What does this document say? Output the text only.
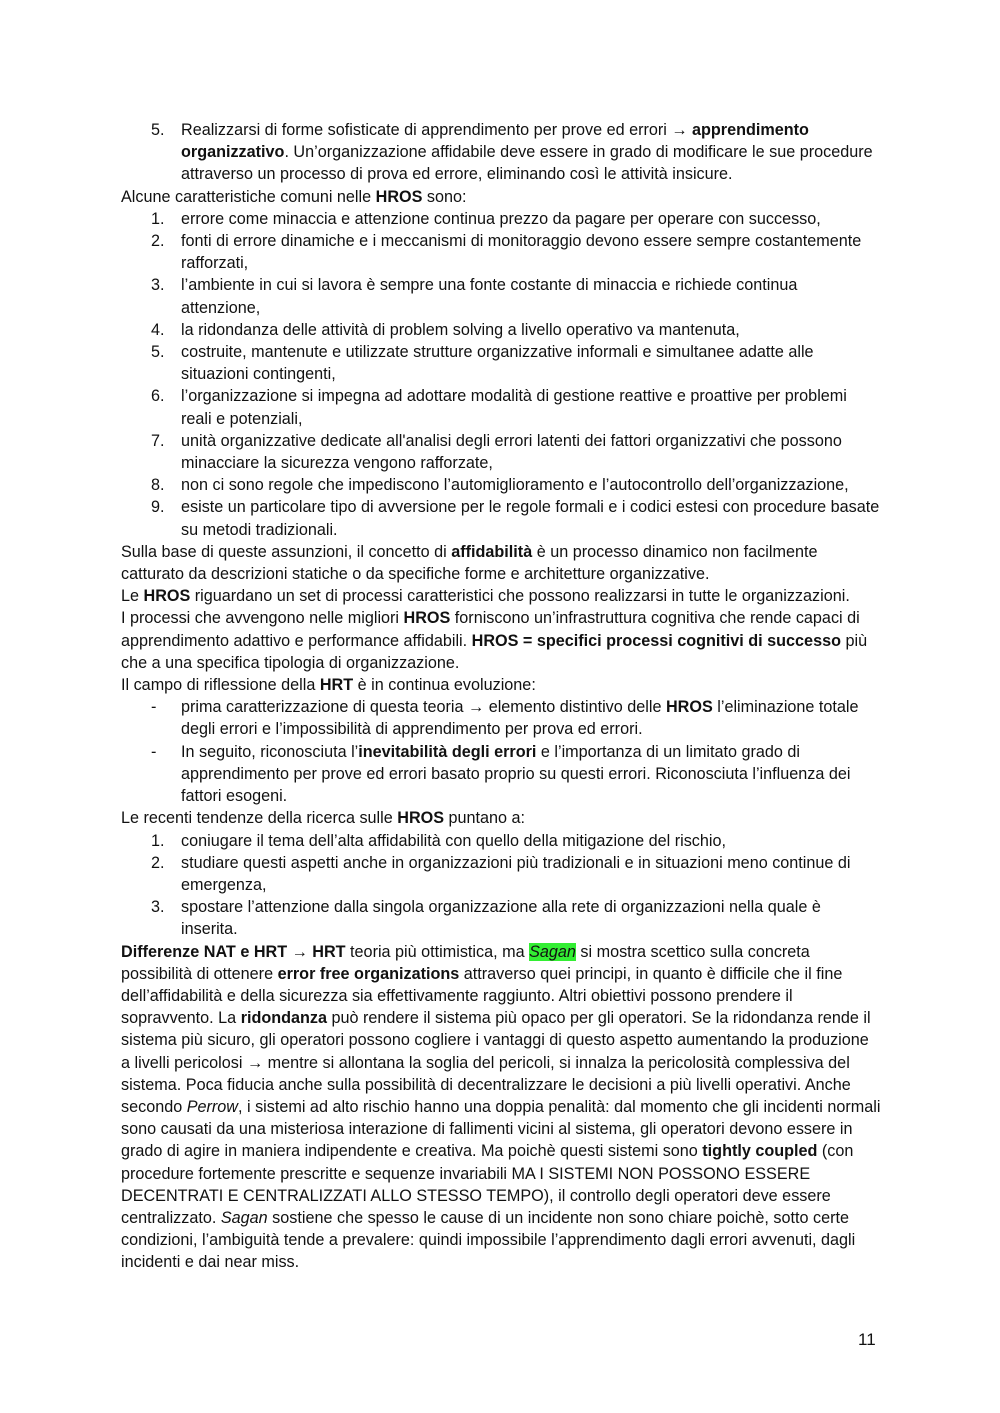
5. Realizzarsi di forme sofisticate di apprendimento per prove ed errori → apprendimento organizzativo. Un’organizzazione affidabile deve essere in grado di modificare le sue procedure attraverso un processo di prova ed errore, eliminando così le attività insicure.

Alcune caratteristiche comuni nelle HROS sono:

1. errore come minaccia e attenzione continua prezzo da pagare per operare con successo,
2. fonti di errore dinamiche e i meccanismi di monitoraggio devono essere sempre costantemente rafforzati,
3. l’ambiente in cui si lavora è sempre una fonte costante di minaccia e richiede continua attenzione,
4. la ridondanza delle attività di problem solving a livello operativo va mantenuta,
5. costruite, mantenute e utilizzate strutture organizzative informali e simultanee adatte alle situazioni contingenti,
6. l’organizzazione si impegna ad adottare modalità di gestione reattive e proattive per problemi reali e potenziali,
7. unità organizzative dedicate all'analisi degli errori latenti dei fattori organizzativi che possono minacciare la sicurezza vengono rafforzate,
8. non ci sono regole che impediscono l’automiglioramento e l’autocontrollo dell’organizzazione,
9. esiste un particolare tipo di avversione per le regole formali e i codici estesi con procedure basate su metodi tradizionali.

Sulla base di queste assunzioni, il concetto di affidabilità è un processo dinamico non facilmente catturato da descrizioni statiche o da specifiche forme e architetture organizzative.

Le HROS riguardano un set di processi caratteristici che possono realizzarsi in tutte le organizzazioni.

I processi che avvengono nelle migliori HROS forniscono un’infrastruttura cognitiva che rende capaci di apprendimento adattivo e performance affidabili. HROS = specifici processi cognitivi di successo più che a una specifica tipologia di organizzazione.

Il campo di riflessione della HRT è in continua evoluzione:

- prima caratterizzazione di questa teoria → elemento distintivo delle HROS l’eliminazione totale degli errori e l’impossibilità di apprendimento per prova ed errori.
- In seguito, riconosciuta l’inevitabilità degli errori e l’importanza di un limitato grado di apprendimento per prove ed errori basato proprio su questi errori. Riconosciuta l’influenza dei fattori esogeni.

Le recenti tendenze della ricerca sulle HROS puntano a:

1. coniugare il tema dell’alta affidabilità con quello della mitigazione del rischio,
2. studiare questi aspetti anche in organizzazioni più tradizionali e in situazioni meno continue di emergenza,
3. spostare l’attenzione dalla singola organizzazione alla rete di organizzazioni nella quale è inserita.

Differenze NAT e HRT → HRT teoria più ottimistica, ma Sagan si mostra scettico sulla concreta possibilità di ottenere error free organizations attraverso quei principi, in quanto è difficile che il fine dell’affidabilità e della sicurezza sia effettivamente raggiunto. Altri obiettivi possono prendere il sopravvento. La ridondanza può rendere il sistema più opaco per gli operatori. Se la ridondanza rende il sistema più sicuro, gli operatori possono cogliere i vantaggi di questo aspetto aumentando la produzione a livelli pericolosi → mentre si allontana la soglia del pericoli, si innalza la pericolosità complessiva del sistema. Poca fiducia anche sulla possibilità di decentralizzare le decisioni a più livelli operativi. Anche secondo Perrow, i sistemi ad alto rischio hanno una doppia penalità: dal momento che gli incidenti normali sono causati da una misteriosa interazione di fallimenti vicini al sistema, gli operatori devono essere in grado di agire in maniera indipendente e creativa. Ma poichè questi sistemi sono tightly coupled (con procedure fortemente prescritte e sequenze invariabili MA I SISTEMI NON POSSONO ESSERE DECENTRATI E CENTRALIZZATI ALLO STESSO TEMPO), il controllo degli operatori deve essere centralizzato. Sagan sostiene che spesso le cause di un incidente non sono chiare poichè, sotto certe condizioni, l’ambiguità tende a prevalere: quindi impossibile l’apprendimento dagli errori avvenuti, dagli incidenti e dai near miss.

11
